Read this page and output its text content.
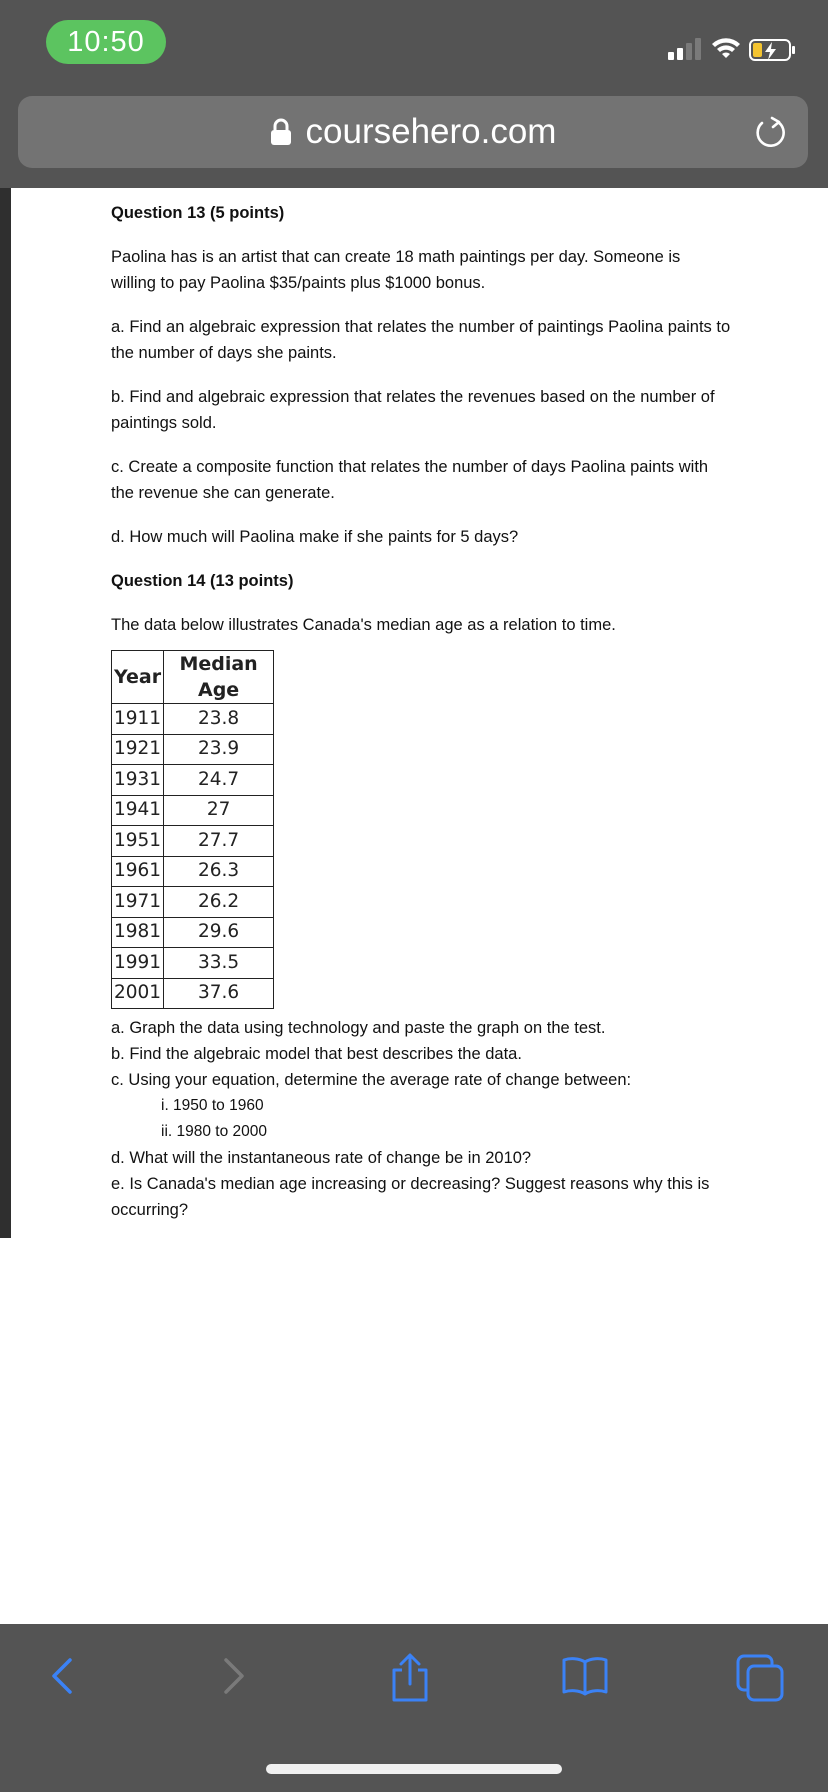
10:50
coursehero.com
Question 13 (5 points)

Paolina has is an artist that can create 18 math paintings per day. Someone is

willing to pay Paolina $35/paints plus $1000 bonus.

a. Find an algebraic expression that relates the number of paintings Paolina paints to

the number of days she paints.

b. Find and algebraic expression that relates the revenues based on the number of

paintings sold.

c. Create a composite function that relates the number of days Paolina paints with

the revenue she can generate.

d. How much will Paolina make if she paints for 5 days?

Question 14 (13 points)

The data below illustrates Canada's median age as a relation to time.

Year	Median Age
1911	23.8
1921	23.9
1931	24.7
1941	27
1951	27.7
1961	26.3
1971	26.2
1981	29.6
1991	33.5
2001	37.6

a. Graph the data using technology and paste the graph on the test.

b. Find the algebraic model that best describes the data.

c. Using your equation, determine the average rate of change between:

i. 1950 to 1960

ii. 1980 to 2000

d. What will the instantaneous rate of change be in 2010?

e. Is Canada's median age increasing or decreasing? Suggest reasons why this is

occurring?
